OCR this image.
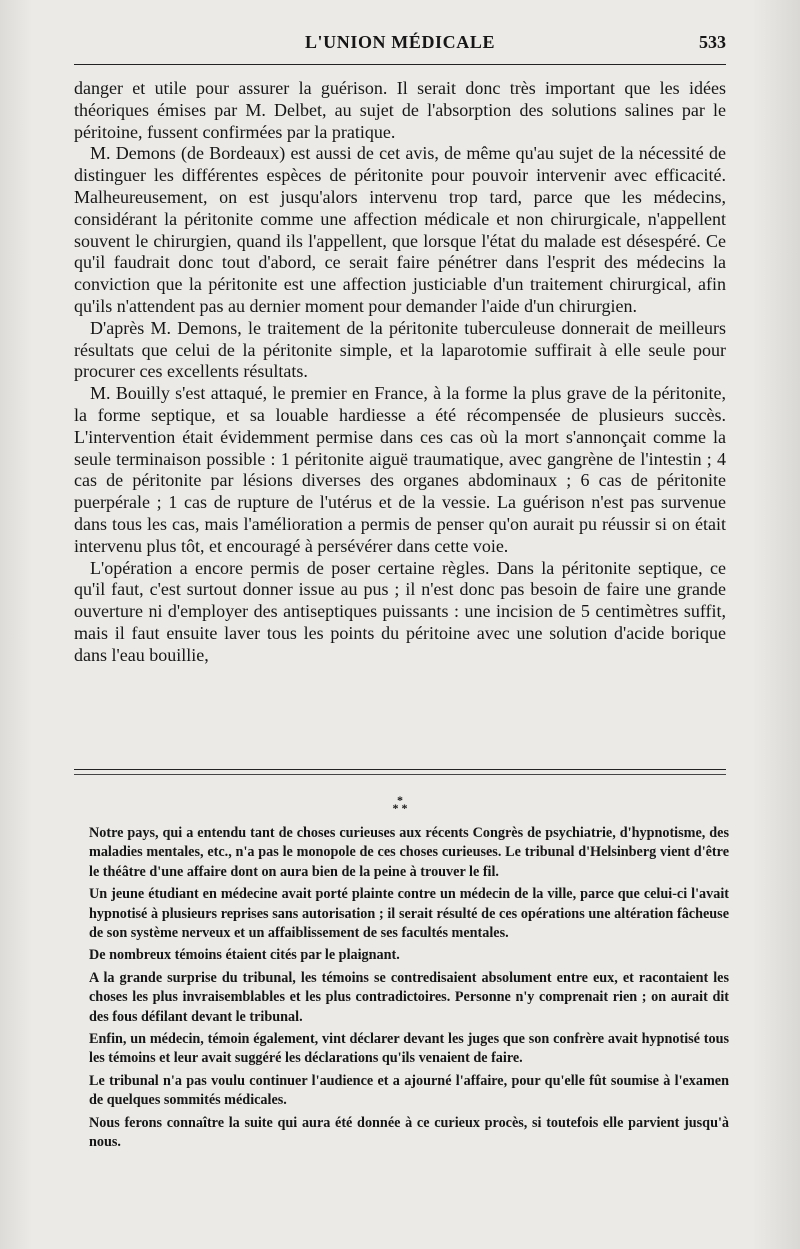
L'UNION MÉDICALE	533

danger et utile pour assurer la guérison. Il serait donc très important que les idées théoriques émises par M. Delbet, au sujet de l'absorption des solutions salines par le péritoine, fussent confirmées par la pratique.

M. Demons (de Bordeaux) est aussi de cet avis, de même qu'au sujet de la nécessité de distinguer les différentes espèces de péritonite pour pouvoir intervenir avec efficacité. Malheureusement, on est jusqu'alors intervenu trop tard, parce que les médecins, considérant la péritonite comme une affection médicale et non chirurgicale, n'appellent souvent le chirurgien, quand ils l'appellent, que lorsque l'état du malade est désespéré. Ce qu'il faudrait donc tout d'abord, ce serait faire pénétrer dans l'esprit des médecins la conviction que la péritonite est une affection justiciable d'un traitement chirurgical, afin qu'ils n'attendent pas au dernier moment pour demander l'aide d'un chirurgien.

D'après M. Demons, le traitement de la péritonite tuberculeuse donnerait de meilleurs résultats que celui de la péritonite simple, et la laparotomie suffirait à elle seule pour procurer ces excellents résultats.

M. Bouilly s'est attaqué, le premier en France, à la forme la plus grave de la péritonite, la forme septique, et sa louable hardiesse a été récompensée de plusieurs succès. L'intervention était évidemment permise dans ces cas où la mort s'annonçait comme la seule terminaison possible : 1 péritonite aiguë traumatique, avec gangrène de l'intestin ; 4 cas de péritonite par lésions diverses des organes abdominaux ; 6 cas de péritonite puerpérale ; 1 cas de rupture de l'utérus et de la vessie. La guérison n'est pas survenue dans tous les cas, mais l'amélioration a permis de penser qu'on aurait pu réussir si on était intervenu plus tôt, et encouragé à persévérer dans cette voie.

L'opération a encore permis de poser certaine règles. Dans la péritonite septique, ce qu'il faut, c'est surtout donner issue au pus ; il n'est donc pas besoin de faire une grande ouverture ni d'employer des antiseptiques puissants : une incision de 5 centimètres suffit, mais il faut ensuite laver tous les points du péritoine avec une solution d'acide borique dans l'eau bouillie,

*
* *

Notre pays, qui a entendu tant de choses curieuses aux récents Congrès de psychiatrie, d'hypnotisme, des maladies mentales, etc., n'a pas le monopole de ces choses curieuses. Le tribunal d'Helsinberg vient d'être le théâtre d'une affaire dont on aura bien de la peine à trouver le fil.

Un jeune étudiant en médecine avait porté plainte contre un médecin de la ville, parce que celui-ci l'avait hypnotisé à plusieurs reprises sans autorisation ; il serait résulté de ces opérations une altération fâcheuse de son système nerveux et un affaiblissement de ses facultés mentales.

De nombreux témoins étaient cités par le plaignant.

A la grande surprise du tribunal, les témoins se contredisaient absolument entre eux, et racontaient les choses les plus invraisemblables et les plus contradictoires. Personne n'y comprenait rien ; on aurait dit des fous défilant devant le tribunal.

Enfin, un médecin, témoin également, vint déclarer devant les juges que son confrère avait hypnotisé tous les témoins et leur avait suggéré les déclarations qu'ils venaient de faire.

Le tribunal n'a pas voulu continuer l'audience et a ajourné l'affaire, pour qu'elle fût soumise à l'examen de quelques sommités médicales.

Nous ferons connaître la suite qui aura été donnée à ce curieux procès, si toutefois elle parvient jusqu'à nous.
